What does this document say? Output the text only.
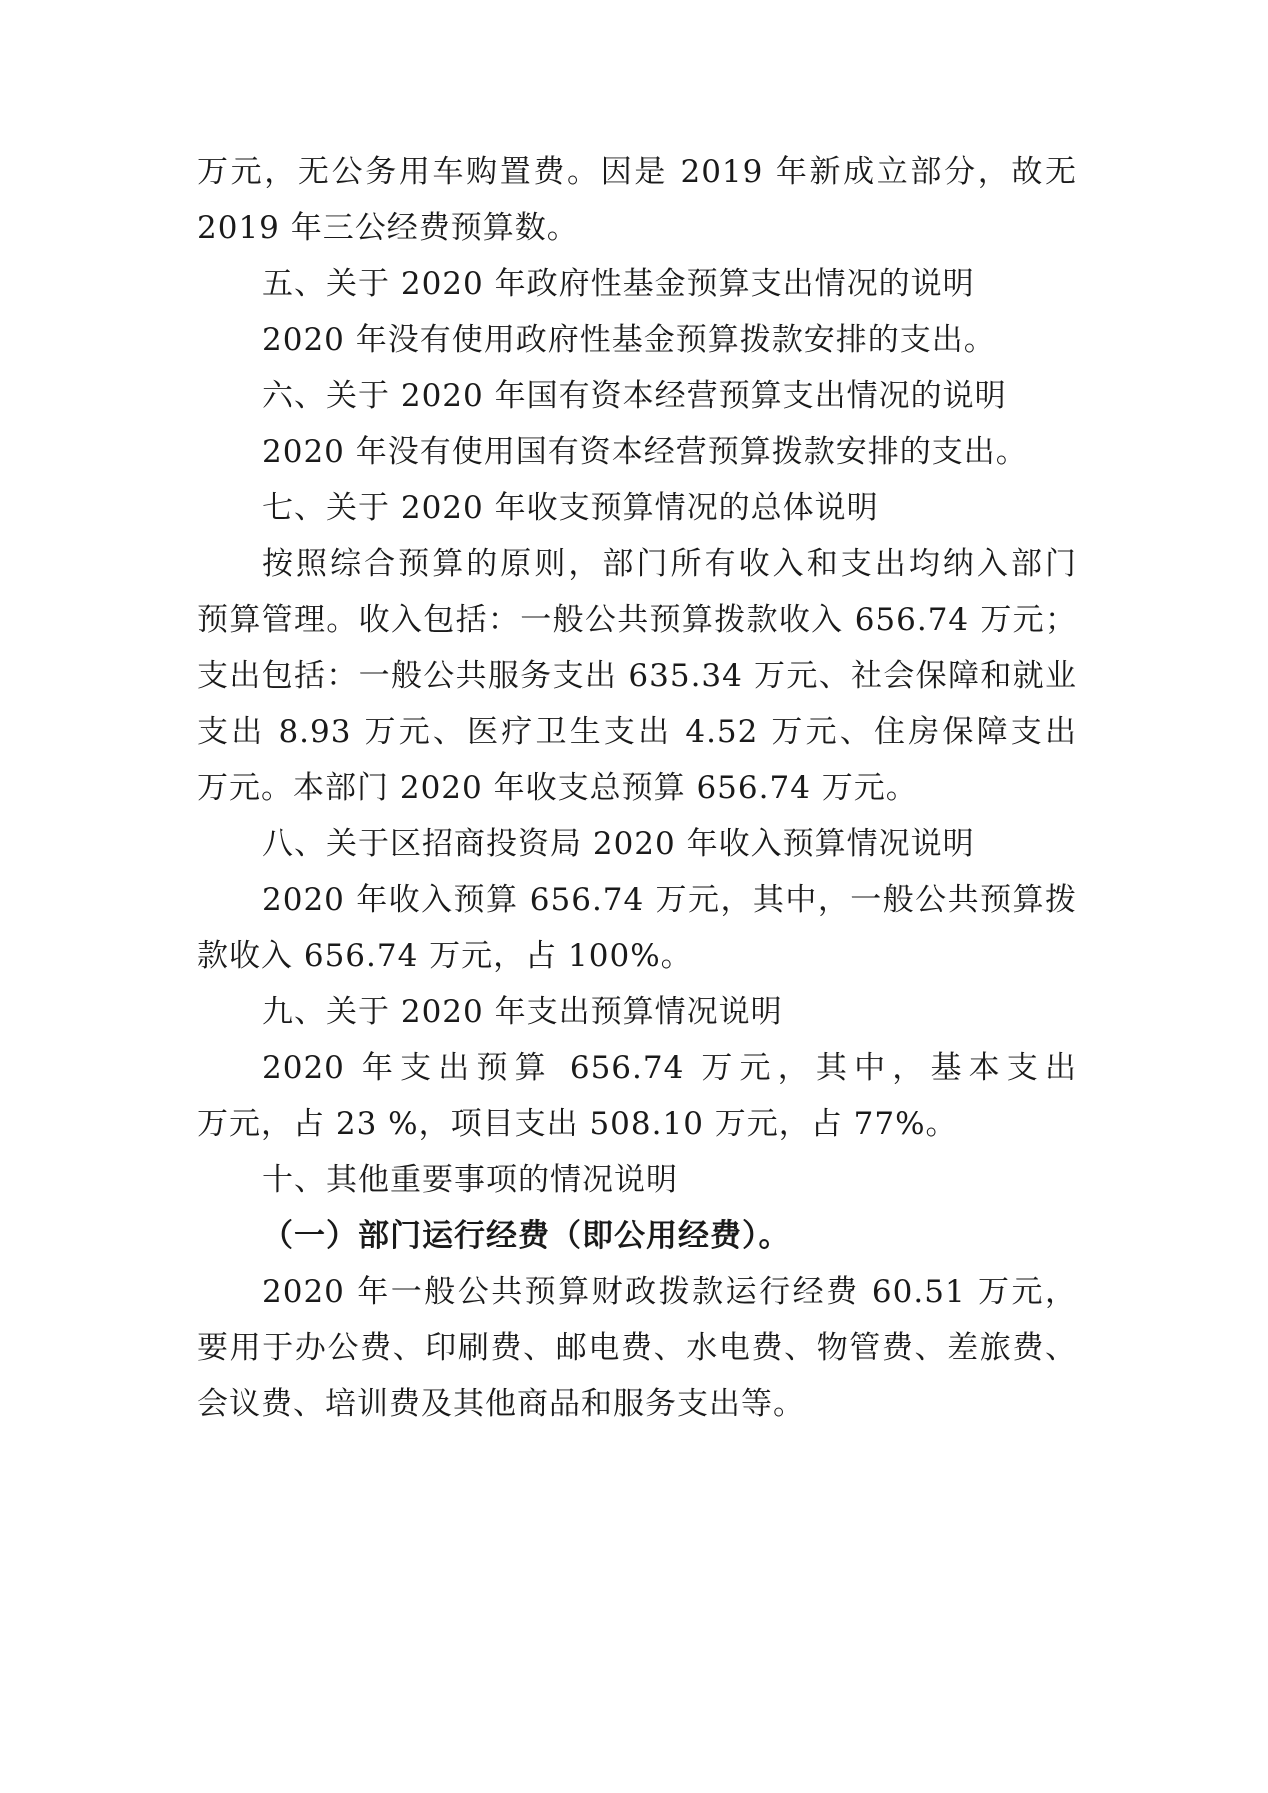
万元，无公务用车购置费。因是 2019 年新成立部分，故无
2019 年三公经费预算数。
五、关于 2020 年政府性基金预算支出情况的说明
2020 年没有使用政府性基金预算拨款安排的支出。
六、关于 2020 年国有资本经营预算支出情况的说明
2020 年没有使用国有资本经营预算拨款安排的支出。
七、关于 2020 年收支预算情况的总体说明
按照综合预算的原则，部门所有收入和支出均纳入部门
预算管理。收入包括：一般公共预算拨款收入 656.74 万元；
支出包括：一般公共服务支出 635.34 万元、社会保障和就业
支出 8.93 万元、医疗卫生支出 4.52 万元、住房保障支出
万元。本部门 2020 年收支总预算 656.74 万元。
八、关于区招商投资局 2020 年收入预算情况说明
2020 年收入预算 656.74 万元，其中，一般公共预算拨
款收入 656.74 万元，占 100%。
九、关于 2020 年支出预算情况说明
2020 年支出预算 656.74 万元，其中，基本支出
万元，占 23 %，项目支出 508.10 万元，占 77%。
十、其他重要事项的情况说明
（一）部门运行经费（即公用经费）。
2020 年一般公共预算财政拨款运行经费 60.51 万元，
要用于办公费、印刷费、邮电费、水电费、物管费、差旅费、
会议费、培训费及其他商品和服务支出等。
